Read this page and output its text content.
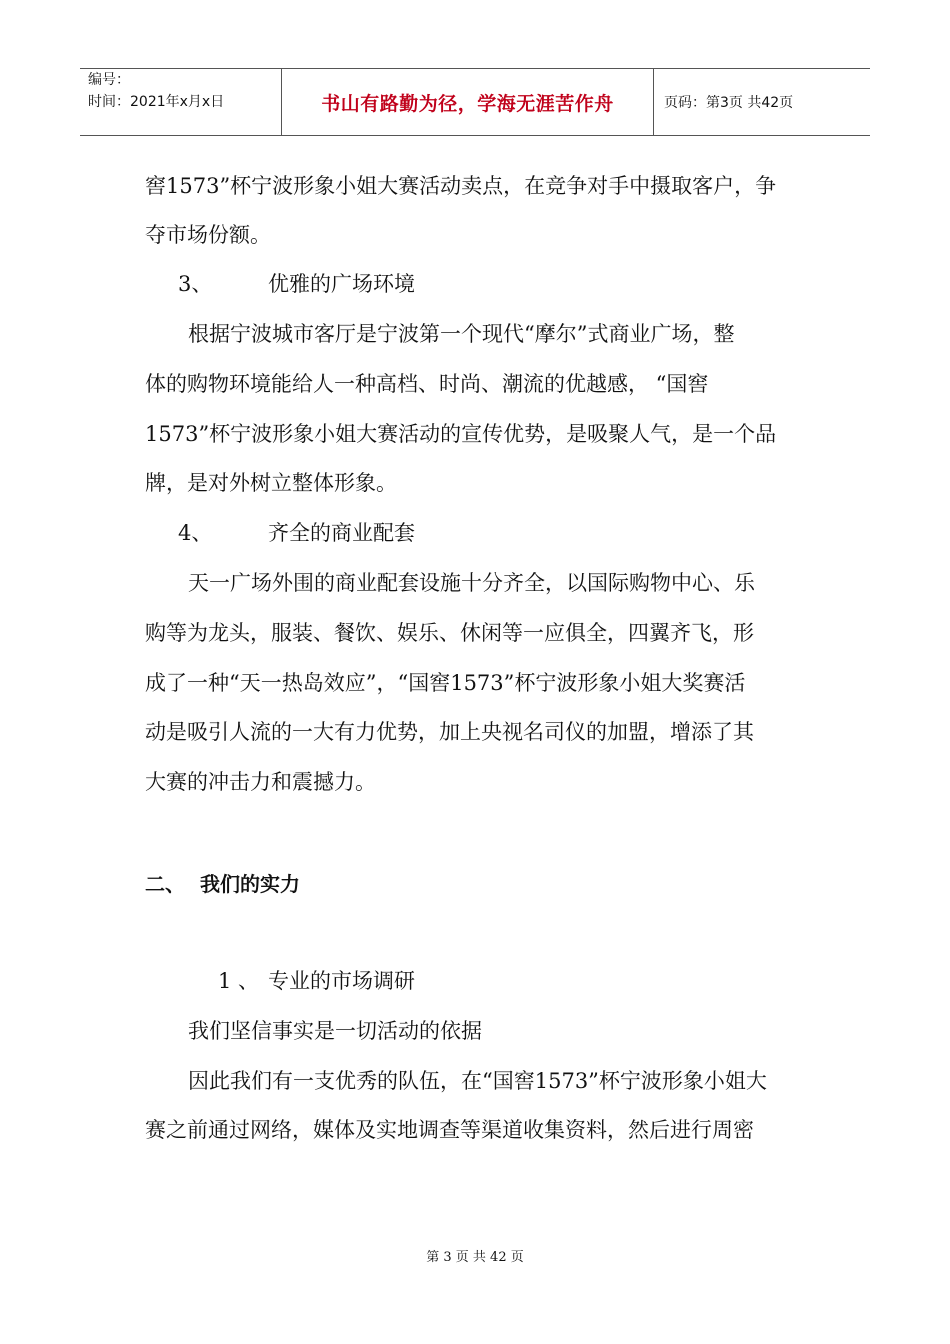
编号：
时间：2021年x月x日	书山有路勤为径，学海无涯苦作舟	页码：第3页 共42页
窖1573”杯宁波形象小姐大赛活动卖点，在竞争对手中摄取客户，争
夺市场份额。
3、	优雅的广场环境
根据宁波城市客厅是宁波第一个现代“摩尔”式商业广场，整
体的购物环境能给人一种高档、时尚、潮流的优越感， “国窖
1573”杯宁波形象小姐大赛活动的宣传优势，是吸聚人气，是一个品
牌，是对外树立整体形象。
4、	齐全的商业配套
天一广场外围的商业配套设施十分齐全，以国际购物中心、乐
购等为龙头，服装、餐饮、娱乐、休闲等一应俱全，四翼齐飞，形
成了一种“天一热岛效应”，“国窖1573”杯宁波形象小姐大奖赛活
动是吸引人流的一大有力优势，加上央视名司仪的加盟，增添了其
大赛的冲击力和震撼力。
二、 我们的实力
1 、 专业的市场调研
我们坚信事实是一切活动的依据
因此我们有一支优秀的队伍，在“国窖1573”杯宁波形象小姐大
赛之前通过网络，媒体及实地调查等渠道收集资料，然后进行周密
第 3 页 共 42 页
